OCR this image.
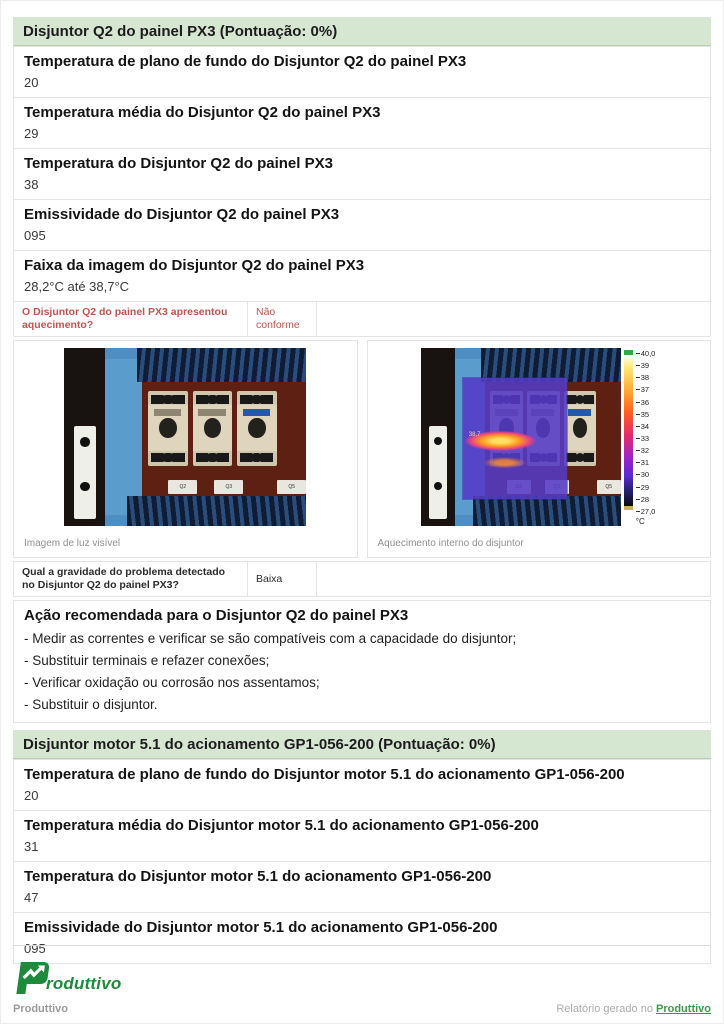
Disjuntor Q2 do painel PX3 (Pontuação: 0%)
Temperatura de plano de fundo do Disjuntor Q2 do painel PX3
20
Temperatura média do Disjuntor Q2 do painel PX3
29
Temperatura do Disjuntor Q2 do painel PX3
38
Emissividade do Disjuntor Q2 do painel PX3
095
Faixa da imagem do Disjuntor Q2 do painel PX3
28,2°C até 38,7°C
O Disjuntor Q2 do painel PX3 apresentou aquecimento?
Não conforme
Q2	Q3	Q5
Imagem de luz visível
Q5
38,7
40,0
39
38
37
36
35
34
33
32
31
30
29
28
27,0
°C
Aquecimento interno do disjuntor
Qual a gravidade do problema detectado no Disjuntor Q2 do painel PX3?
Baixa
Ação recomendada para o Disjuntor Q2 do painel PX3
- Medir as correntes e verificar se são compatíveis com a capacidade do disjuntor;
- Substituir terminais e refazer conexões;
- Verificar oxidação ou corrosão nos assentamos;
- Substituir o disjuntor.
Disjuntor motor 5.1 do acionamento GP1-056-200 (Pontuação: 0%)
Temperatura de plano de fundo do Disjuntor motor 5.1 do acionamento GP1-056-200
20
Temperatura média do Disjuntor motor 5.1 do acionamento GP1-056-200
31
Temperatura do Disjuntor motor 5.1 do acionamento GP1-056-200
47
Emissividade do Disjuntor motor 5.1 do acionamento GP1-056-200
095
roduttivo
Produttivo	Relatório gerado no Produttivo
